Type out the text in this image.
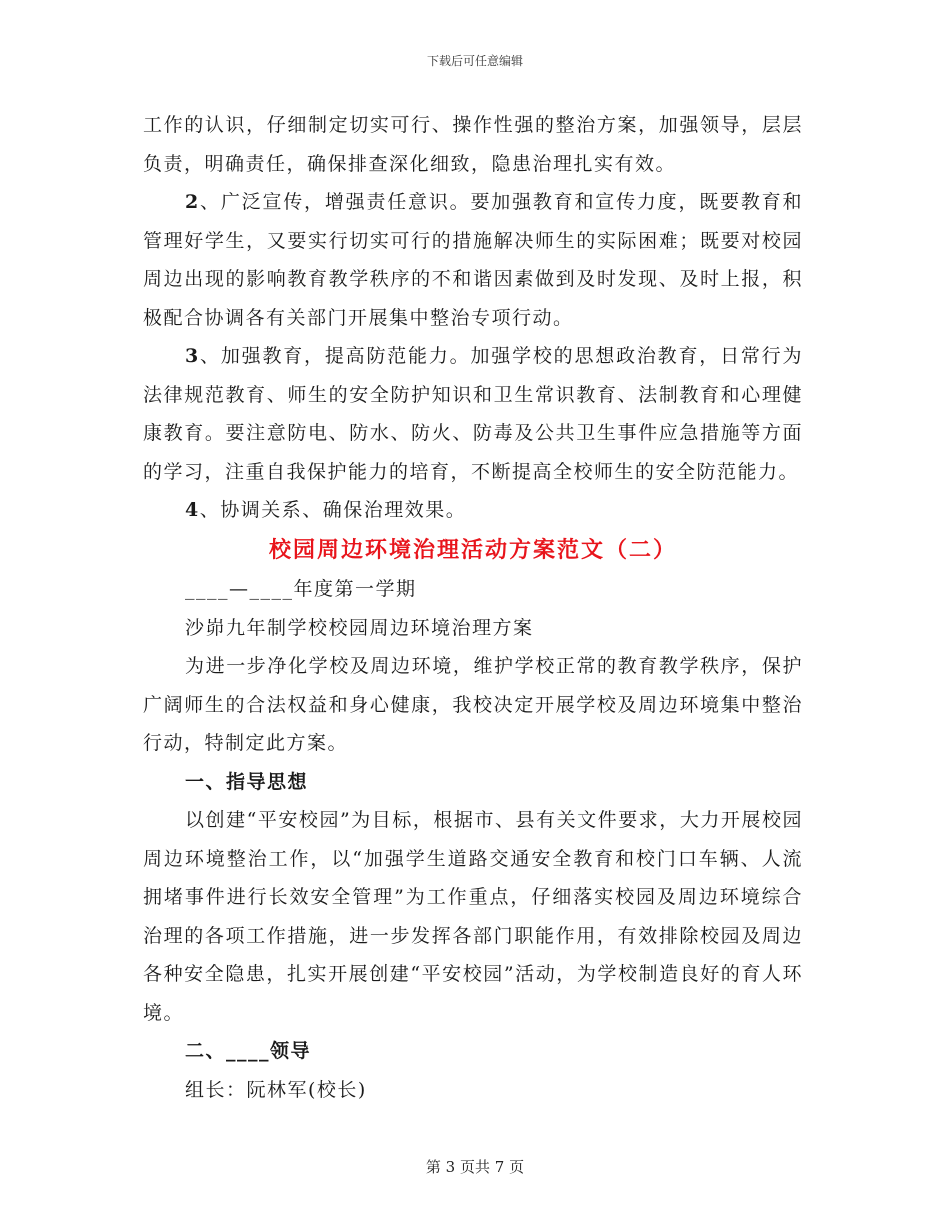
下载后可任意编辑

工作的认识，仔细制定切实可行、操作性强的整治方案，加强领导，层层负责，明确责任，确保排查深化细致，隐患治理扎实有效。

2、广泛宣传，增强责任意识。要加强教育和宣传力度，既要教育和管理好学生，又要实行切实可行的措施解决师生的实际困难；既要对校园周边出现的影响教育教学秩序的不和谐因素做到及时发现、及时上报，积极配合协调各有关部门开展集中整治专项行动。

3、加强教育，提高防范能力。加强学校的思想政治教育，日常行为法律规范教育、师生的安全防护知识和卫生常识教育、法制教育和心理健康教育。要注意防电、防水、防火、防毒及公共卫生事件应急措施等方面的学习，注重自我保护能力的培育，不断提高全校师生的安全防范能力。

4、协调关系、确保治理效果。

校园周边环境治理活动方案范文（二）

____—____年度第一学期

沙峁九年制学校校园周边环境治理方案

为进一步净化学校及周边环境，维护学校正常的教育教学秩序，保护广阔师生的合法权益和身心健康，我校决定开展学校及周边环境集中整治行动，特制定此方案。

一、指导思想

以创建“平安校园”为目标，根据市、县有关文件要求，大力开展校园周边环境整治工作，以“加强学生道路交通安全教育和校门口车辆、人流拥堵事件进行长效安全管理”为工作重点，仔细落实校园及周边环境综合治理的各项工作措施，进一步发挥各部门职能作用，有效排除校园及周边各种安全隐患，扎实开展创建“平安校园”活动，为学校制造良好的育人环境。

二、____领导

组长：阮林军(校长)

第 3 页共 7 页
